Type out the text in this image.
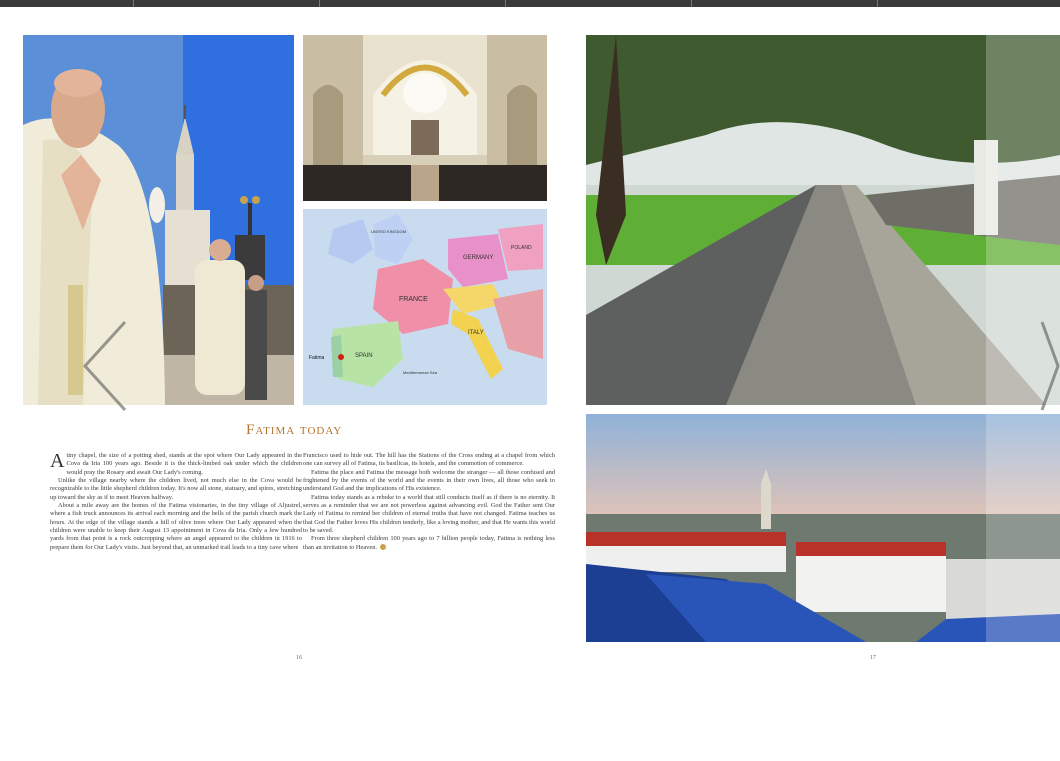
FRANCE
SPAIN
ITALY
GERMANY
POLAND
UNITED KINGDOM
Fatima
Mediterranean Sea
Fatima today

Atiny chapel, the size of a potting shed, stands at the spot where Our Lady appeared in the Cova da Iria 100 years ago. Beside it is the thick-limbed oak under which the children would pray the Rosary and await Our Lady's coming.

Unlike the village nearby where the children lived, not much else in the Cova would be recognizable to the little shepherd children today. It's now all stone, statuary, and spires, stretching up toward the sky as if to meet Heaven halfway.

About a mile away are the homes of the Fatima visionaries, in the tiny village of Aljustrel, where a fish truck announces its arrival each morning and the bells of the parish church mark the hours. At the edge of the village stands a hill of olive trees where Our Lady appeared when the children were unable to keep their August 13 appointment in Cova da Iria. Only a few hundred yards from that point is a rock outcropping where an angel appeared to the children in 1916 to prepare them for Our Lady's visits. Just beyond that, an unmarked trail leads to a tiny cave where

Francisco used to hide out. The hill has the Stations of the Cross ending at a chapel from which one can survey all of Fatima, its basilicas, its hotels, and the commotion of commerce.

Fatima the place and Fatima the message both welcome the stranger — all those confused and frightened by the events of the world and the events in their own lives, all those who seek to understand God and the implications of His existence.

Fatima today stands as a rebuke to a world that still conducts itself as if there is no eternity. It serves as a reminder that we are not powerless against advancing evil. God the Father sent Our Lady of Fatima to remind her children of eternal truths that have not changed. Fatima teaches us that God the Father loves His children tenderly, like a loving mother, and that He wants this world to be saved.

From three shepherd children 100 years ago to 7 billion people today, Fatima is nothing less than an invitation to Heaven.

16	17
